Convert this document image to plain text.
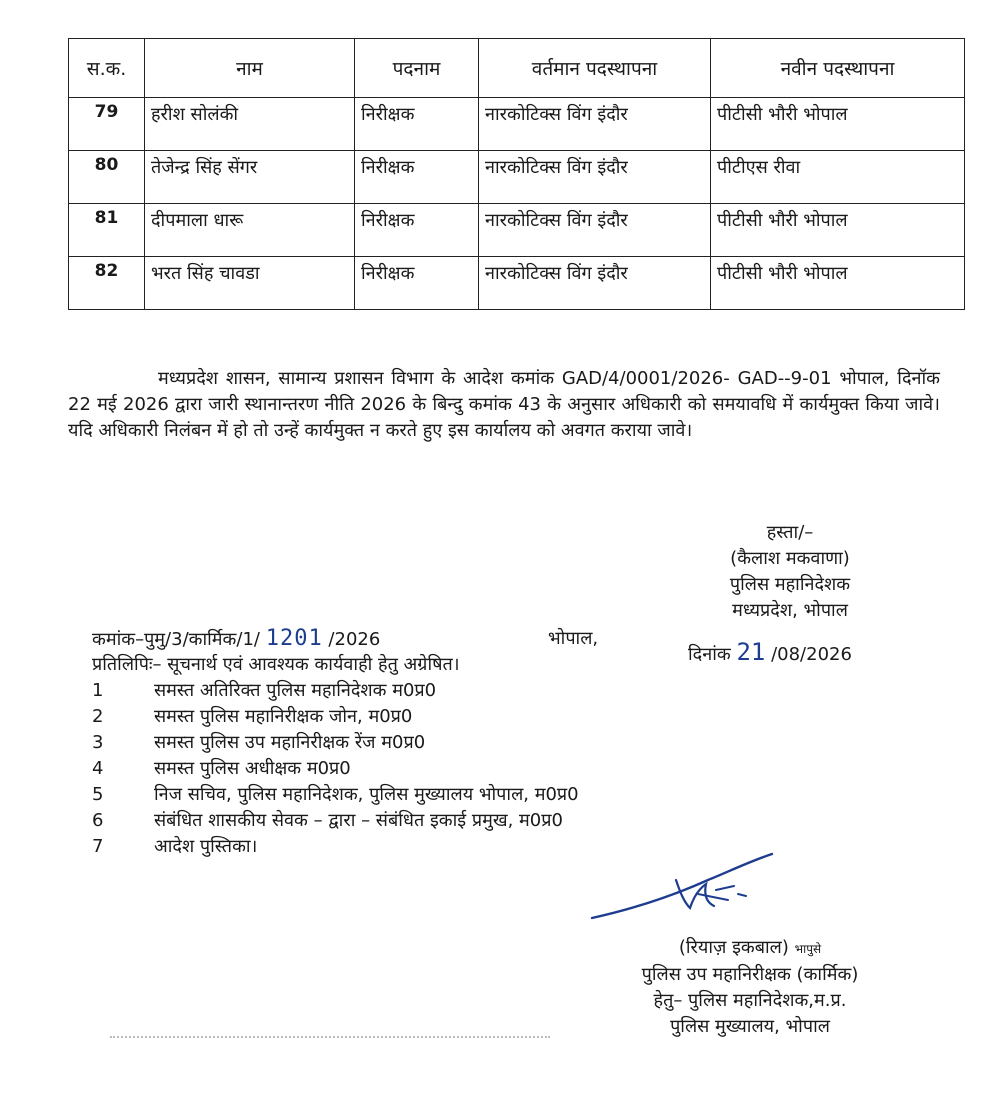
स.क.	नाम	पदनाम	वर्तमान पदस्थापना	नवीन पदस्थापना
79	हरीश सोलंकी	निरीक्षक	नारकोटिक्स विंग इंदौर	पीटीसी भौरी भोपाल
80	तेजेन्द्र सिंह सेंगर	निरीक्षक	नारकोटिक्स विंग इंदौर	पीटीएस रीवा
81	दीपमाला धारू	निरीक्षक	नारकोटिक्स विंग इंदौर	पीटीसी भौरी भोपाल
82	भरत सिंह चावडा	निरीक्षक	नारकोटिक्स विंग इंदौर	पीटीसी भौरी भोपाल
मध्यप्रदेश शासन, सामान्य प्रशासन विभाग के आदेश कमांक GAD/4/0001/2026- GAD--9-01 भोपाल, दिनॉक 22 मई 2026 द्वारा जारी स्थानान्तरण नीति 2026 के बिन्दु कमांक 43 के अनुसार अधिकारी को समयावधि में कार्यमुक्त किया जावे। यदि अधिकारी निलंबन में हो तो उन्हें कार्यमुक्त न करते हुए इस कार्यालय को अवगत कराया जावे।
हस्ता/–
(कैलाश मकवाणा)
पुलिस महानिदेशक
मध्यप्रदेश, भोपाल
कमांक–पुमु/3/कार्मिक/1/ 1201 /2026	भोपाल,
दिनांक 21 /08/2026
प्रतिलिपिः– सूचनार्थ एवं आवश्यक कार्यवाही हेतु अग्रेषित।
1	समस्त अतिरिक्त पुलिस महानिदेशक म0प्र0
2	समस्त पुलिस महानिरीक्षक जोन, म0प्र0
3	समस्त पुलिस उप महानिरीक्षक रेंज म0प्र0
4	समस्त पुलिस अधीक्षक म0प्र0
5	निज सचिव, पुलिस महानिदेशक, पुलिस मुख्यालय भोपाल, म0प्र0
6	संबंधित शासकीय सेवक – द्वारा – संबंधित इकाई प्रमुख, म0प्र0
7	आदेश पुस्तिका।
(रियाज़ इकबाल) भापुसे
पुलिस उप महानिरीक्षक (कार्मिक)
हेतु– पुलिस महानिदेशक,म.प्र.
पुलिस मुख्यालय, भोपाल
